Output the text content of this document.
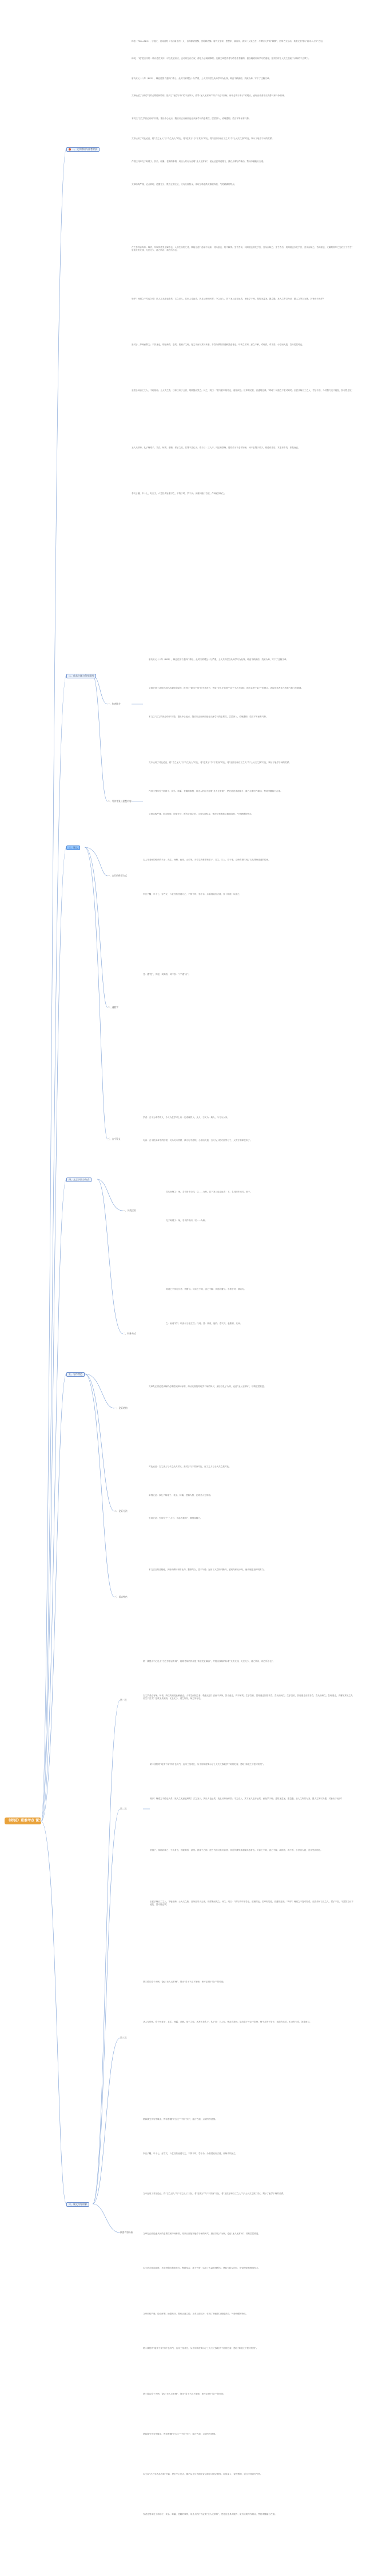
《师说》重难考点 课文与知识
一、文学常识与作者背景
韩愈（768—824），字退之，河南河阳（今河南孟州）人，自称郡望昌黎，世称韩昌黎。唐代文学家、思想家、政治家，唐宋八大家之首，与柳宗元并称“韩柳”，倡导古文运动，其散文被列为“唐宋八大家”之冠。
师说，“说”是古代的一种议论性文体，可以先叙后议，也可以先议后叙，都是为了阐明事理。这篇文章是作者写给学生李蟠的，借以阐明从师学习的道理，批判当时士大夫之族耻于从师的不良风气。
唐代贞元十八年（802），韩愈任国子监四门博士，此时门第观念十分严重，士大夫阶层以从师学习为耻辱，韩愈不顾流俗，抗颜为师，写下了这篇文章。
文章论述了从师学习的必要性和原则，批判了“耻学于师”的不良风气，倡导“圣人无常师”“弟子不必不如师，师不必贤于弟子”的观点，表现出作者非凡的勇气和斗争精神。
本文以“古之学者必有师”开篇，提出中心论点，随后从正反两面论证从师学习的必要性，层层深入，说理透彻，语言平易而有气势。
文中运用了对比论证，将“古之圣人”与“今之众人”对比，将“爱其子”与“于其身”对比，将“巫医乐师百工之人”与“士大夫之族”对比，揭示了耻学于师的荒谬。
作者还列举孔子师郯子、苌弘、师襄、老聃的事例，用圣人的行为证明“圣人无常师”，使论证更具说服力，最后点明写作缘由，赞扬李蟠能行古道。
文章结构严谨，论点鲜明，论据充分，既有正面立论，又有反面驳斥，体现了韩愈散文雄健奔放、气势磅礴的特点。
古之学者必有师。师者，所以传道受业解惑也。人非生而知之者，孰能无惑？惑而不从师，其为惑也，终不解矣。生乎吾前，其闻道也固先乎吾，吾从而师之；生乎吾后，其闻道也亦先乎吾，吾从而师之。吾师道也，夫庸知其年之先后生于吾乎？是故无贵无贱，无长无少，道之所存，师之所存也。
嗟乎！师道之不传也久矣！欲人之无惑也难矣！古之圣人，其出人也远矣，犹且从师而问焉；今之众人，其下圣人也亦远矣，而耻学于师。是故圣益圣，愚益愚。圣人之所以为圣，愚人之所以为愚，其皆出于此乎？
爱其子，择师而教之；于其身也，则耻师焉，惑矣。彼童子之师，授之书而习其句读者，非吾所谓传其道解其惑者也。句读之不知，惑之不解，或师焉，或不焉，小学而大遗，吾未见其明也。
巫医乐师百工之人，不耻相师。士大夫之族，曰师曰弟子云者，则群聚而笑之。问之，则曰：“彼与彼年相若也，道相似也。位卑则足羞，官盛则近谀。”呜呼！师道之不复可知矣。巫医乐师百工之人，君子不齿，今其智乃反不能及，其可怪也欤！
圣人无常师。孔子师郯子、苌弘、师襄、老聃。郯子之徒，其贤不及孔子。孔子曰：三人行，则必有我师。是故弟子不必不如师，师不必贤于弟子，闻道有先后，术业有专攻，如是而已。
李氏子蟠，年十七，好古文，六艺经传皆通习之，不拘于时，学于余。余嘉其能行古道，作师说以贻之。
二、作品主题与创作意图
一、作者简介
唐代贞元十八年（802），韩愈任国子监四门博士，此时门第观念十分严重，士大夫阶层以从师学习为耻辱，韩愈不顾流俗，抗颜为师，写下了这篇文章。
文章论述了从师学习的必要性和原则，批判了“耻学于师”的不良风气，倡导“圣人无常师”“弟子不必不如师，师不必贤于弟子”的观点，表现出作者非凡的勇气和斗争精神。
本文以“古之学者必有师”开篇，提出中心论点，随后从正反两面论证从师学习的必要性，层层深入，说理透彻，语言平易而有气势。
二、写作背景与思想内容
文中运用了对比论证，将“古之圣人”与“今之众人”对比，将“爱其子”与“于其身”对比，将“巫医乐师百工之人”与“士大夫之族”对比，揭示了耻学于师的荒谬。
作者还列举孔子师郯子、苌弘、师襄、老聃的事例，用圣人的行为证明“圣人无常师”，使论证更具说服力，最后点明写作缘由，赞扬李蟠能行古道。
文章结构严谨，论点鲜明，论据充分，既有正面立论，又有反面驳斥，体现了韩愈散文雄健奔放、气势磅礴的特点。
三、课文
一、古代的称谓方式
古人对老师的称谓有夫子、先生、师傅、西席、山长等，对学生的称谓有弟子、门生、门人、学子等，这些称谓体现了古代尊师重道的传统。
李氏子蟠，年十七，好古文，六艺经传皆通习之，不拘于时，学于余。余嘉其能行古道，作《师说》以贻之。
二、通假字
受：通“授”，传授。或师焉，或不焉：“不”通“否”。
三、古今异义
学者：古义为求学的人，今义为在学术上有一定成就的人。众人：古义为一般人，今义为大家。
句读：古义指文章中的停顿，句为句末停顿，读为句中停顿。小学而大遗：古义为小的方面学习了，大的方面却放弃了。
四、文言字词与句式
一、词类活用
吾从而师之：师，名词用作动词，以……为师。其下圣人也亦远矣：下，名词用作动词，低于。
孔子师郯子：师，名词作动词，以……为师。
二、特殊句式
师道之不传也久矣：判断句。句读之不知，惑之不解：宾语前置句。不拘于时：被动句。
之：助词“的”；取消句子独立性；代词。其：代词，他的；语气词，表推测、反问。
五、写作特色
一、论证结构
文章先正面论述从师的必要性和择师标准，再从反面批判耻学于师的风气，最后以孔子为例，论证“圣人无常师”，结构层层推进。
二、论证方法
对比论证：古之圣人与今之众人对比，爱其子与于其身对比，百工之人与士大夫之族对比。
举例论证：以孔子师郯子、苌弘、师襄、老聃为例，证明圣人无常师。
引用论证：引用孔子“三人行，则必有我师”，增强说服力。
三、语言特色
本文语言简洁凝练，多用骈偶句和排比句，整散结合，富于气势；运用了大量的判断句、感叹句和反问句，使说理更加鲜明有力。
六、课文内容讲解
第一段
第一段提出中心论点“古之学者必有师”，阐明老师的作用是“传道受业解惑”，并提出择师的标准“无贵无贱，无长无少，道之所存，师之所存也”。
古之学者必有师。师者，所以传道受业解惑也。人非生而知之者，孰能无惑？惑而不从师，其为惑也，终不解矣。生乎吾前，其闻道也固先乎吾，吾从而师之；生乎吾后，其闻道也亦先乎吾，吾从而师之。吾师道也，夫庸知其年之先后生于吾乎？是故无贵无贱，无长无少，道之所存，师之所存也。
第二段
第二段批判“耻学于师”的不良风气，运用三组对比，从不同角度揭示了士大夫之族耻学于师的危害，感叹“师道之不复可知矣”。
嗟乎！师道之不传也久矣！欲人之无惑也难矣！古之圣人，其出人也远矣，犹且从师而问焉；今之众人，其下圣人也亦远矣，而耻学于师。是故圣益圣，愚益愚。圣人之所以为圣，愚人之所以为愚，其皆出于此乎？
爱其子，择师而教之；于其身也，则耻师焉，惑矣。彼童子之师，授之书而习其句读者，非吾所谓传其道解其惑者也。句读之不知，惑之不解，或师焉，或不焉，小学而大遗，吾未见其明也。
巫医乐师百工之人，不耻相师。士大夫之族，曰师曰弟子云者，则群聚而笑之。问之，则曰：“彼与彼年相若也，道相似也。位卑则足羞，官盛则近谀。”呜呼！师道之不复可知矣。巫医乐师百工之人，君子不齿，今其智乃反不能及，其可怪也欤！
第三段
第三段以孔子为例，论证“圣人无常师”，得出“弟子不必不如师，师不必贤于弟子”的结论。
圣人无常师。孔子师郯子、苌弘、师襄、老聃。郯子之徒，其贤不及孔子。孔子曰：三人行，则必有我师。是故弟子不必不如师，师不必贤于弟子，闻道有先后，术业有专攻，如是而已。
段落内容分析
第四段交代写作缘由，赞扬李蟠“好古文”“不拘于时”，能行古道，点明写作意图。
李氏子蟠，年十七，好古文，六艺经传皆通习之，不拘于时，学于余。余嘉其能行古道，作师说以贻之。
文中运用了对比论证，将“古之圣人”与“今之众人”对比，将“爱其子”与“于其身”对比，将“巫医乐师百工之人”与“士大夫之族”对比，揭示了耻学于师的荒谬。
文章先正面论述从师的必要性和择师标准，再从反面批判耻学于师的风气，最后以孔子为例，论证“圣人无常师”，结构层层推进。
本文语言简洁凝练，多用骈偶句和排比句，整散结合，富于气势；运用了大量的判断句、感叹句和反问句，使说理更加鲜明有力。
文章结构严谨，论点鲜明，论据充分，既有正面立论，又有反面驳斥，体现了韩愈散文雄健奔放、气势磅礴的特点。
第二段批判“耻学于师”的不良风气，运用三组对比，从不同角度揭示了士大夫之族耻学于师的危害，感叹“师道之不复可知矣”。
第三段以孔子为例，论证“圣人无常师”，得出“弟子不必不如师，师不必贤于弟子”的结论。
第四段交代写作缘由，赞扬李蟠“好古文”“不拘于时”，能行古道，点明写作意图。
本文以“古之学者必有师”开篇，提出中心论点，随后从正反两面论证从师学习的必要性，层层深入，说理透彻，语言平易而有气势。
作者还列举孔子师郯子、苌弘、师襄、老聃的事例，用圣人的行为证明“圣人无常师”，使论证更具说服力，最后点明写作缘由，赞扬李蟠能行古道。
